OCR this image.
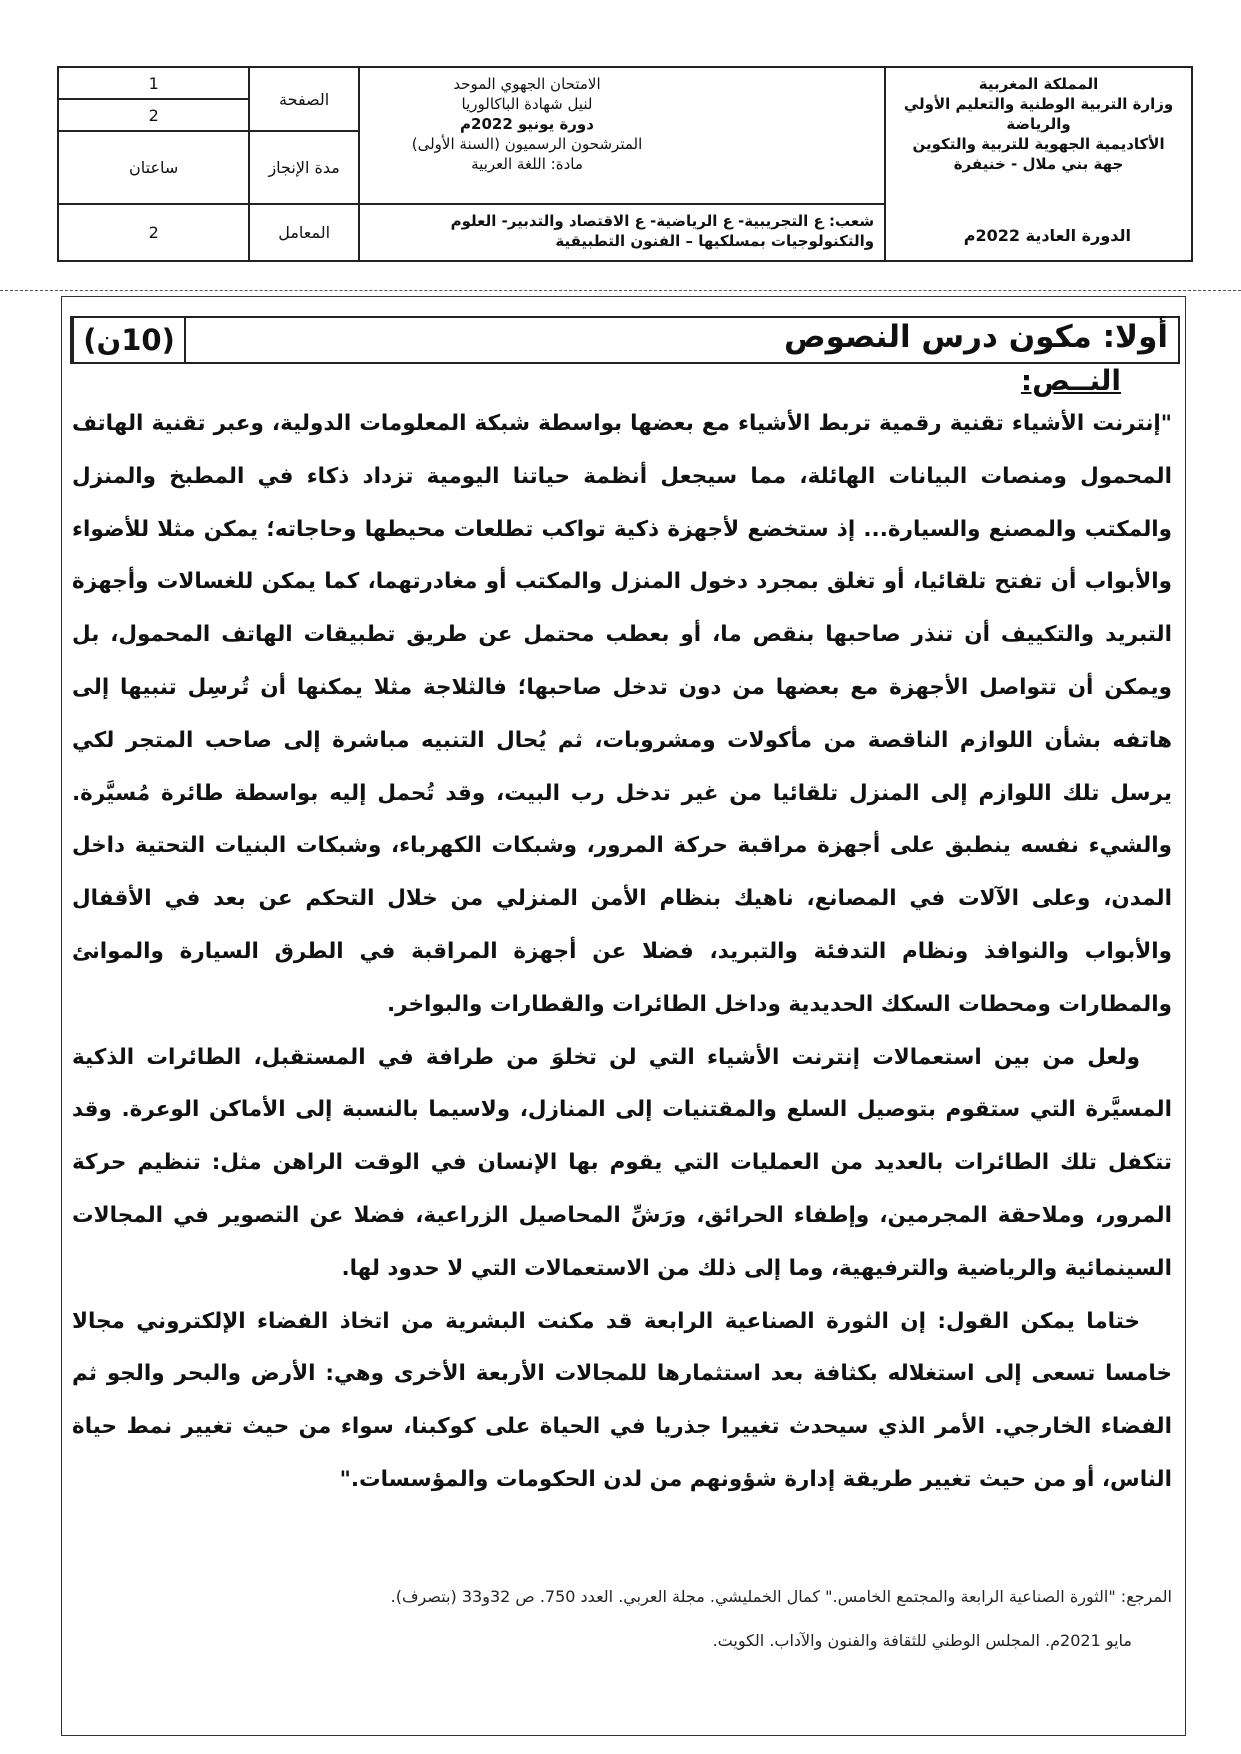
المملكة المغربية
وزارة التربية الوطنية والتعليم الأولي
والرياضة
الأكاديمية الجهوية للتربية والتكوين
جهة بني ملال - خنيفرة
الدورة العادية 2022م
الامتحان الجهوي الموحد
لنيل شهادة الباكالوريا
دورة يونيو 2022م
المترشحون الرسميون (السنة الأولى)
مادة: اللغة العربية
شعب: ع التجريبية- ع الرياضية- ع الاقتصاد والتدبير- العلوم والتكنولوجيات بمسلكيها – الفنون التطبيقية
الصفحة
مدة الإنجاز
المعامل
1
2
ساعتان
2
أولا: مكون درس النصوص
(10ن)
النــص:

"إنترنت الأشياء تقنية رقمية تربط الأشياء مع بعضها بواسطة شبكة المعلومات الدولية، وعبر تقنية الهاتف المحمول ومنصات البيانات الهائلة، مما سيجعل أنظمة حياتنا اليومية تزداد ذكاء في المطبخ والمنزل والمكتب والمصنع والسيارة... إذ ستخضع لأجهزة ذكية تواكب تطلعات محيطها وحاجاته؛ يمكن مثلا للأضواء والأبواب أن تفتح تلقائيا، أو تغلق بمجرد دخول المنزل والمكتب أو مغادرتهما، كما يمكن للغسالات وأجهزة التبريد والتكييف أن تنذر صاحبها بنقص ما، أو بعطب محتمل عن طريق تطبيقات الهاتف المحمول، بل ويمكن أن تتواصل الأجهزة مع بعضها من دون تدخل صاحبها؛ فالثلاجة مثلا يمكنها أن تُرسِل تنبيها إلى هاتفه بشأن اللوازم الناقصة من مأكولات ومشروبات، ثم يُحال التنبيه مباشرة إلى صاحب المتجر لكي يرسل تلك اللوازم إلى المنزل تلقائيا من غير تدخل رب البيت، وقد تُحمل إليه بواسطة طائرة مُسيَّرة. والشيء نفسه ينطبق على أجهزة مراقبة حركة المرور، وشبكات الكهرباء، وشبكات البنيات التحتية داخل المدن، وعلى الآلات في المصانع، ناهيك بنظام الأمن المنزلي من خلال التحكم عن بعد في الأقفال والأبواب والنوافذ ونظام التدفئة والتبريد، فضلا عن أجهزة المراقبة في الطرق السيارة والموانئ والمطارات ومحطات السكك الحديدية وداخل الطائرات والقطارات والبواخر.

ولعل من بين استعمالات إنترنت الأشياء التي لن تخلوَ من طرافة في المستقبل، الطائرات الذكية المسيَّرة التي ستقوم بتوصيل السلع والمقتنيات إلى المنازل، ولاسيما بالنسبة إلى الأماكن الوعرة. وقد تتكفل تلك الطائرات بالعديد من العمليات التي يقوم بها الإنسان في الوقت الراهن مثل: تنظيم حركة المرور، وملاحقة المجرمين، وإطفاء الحرائق، ورَشِّ المحاصيل الزراعية، فضلا عن التصوير في المجالات السينمائية والرياضية والترفيهية، وما إلى ذلك من الاستعمالات التي لا حدود لها.

ختاما يمكن القول: إن الثورة الصناعية الرابعة قد مكنت البشرية من اتخاذ الفضاء الإلكتروني مجالا خامسا تسعى إلى استغلاله بكثافة بعد استثمارها للمجالات الأربعة الأخرى وهي: الأرض والبحر والجو ثم الفضاء الخارجي. الأمر الذي سيحدث تغييرا جذريا في الحياة على كوكبنا، سواء من حيث تغيير نمط حياة الناس، أو من حيث تغيير طريقة إدارة شؤونهم من لدن الحكومات والمؤسسات."

المرجع: "الثورة الصناعية الرابعة والمجتمع الخامس." كمال الخمليشي. مجلة العربي. العدد 750. ص 32و33 (بتصرف).
مايو 2021م. المجلس الوطني للثقافة والفنون والآداب. الكويت.
